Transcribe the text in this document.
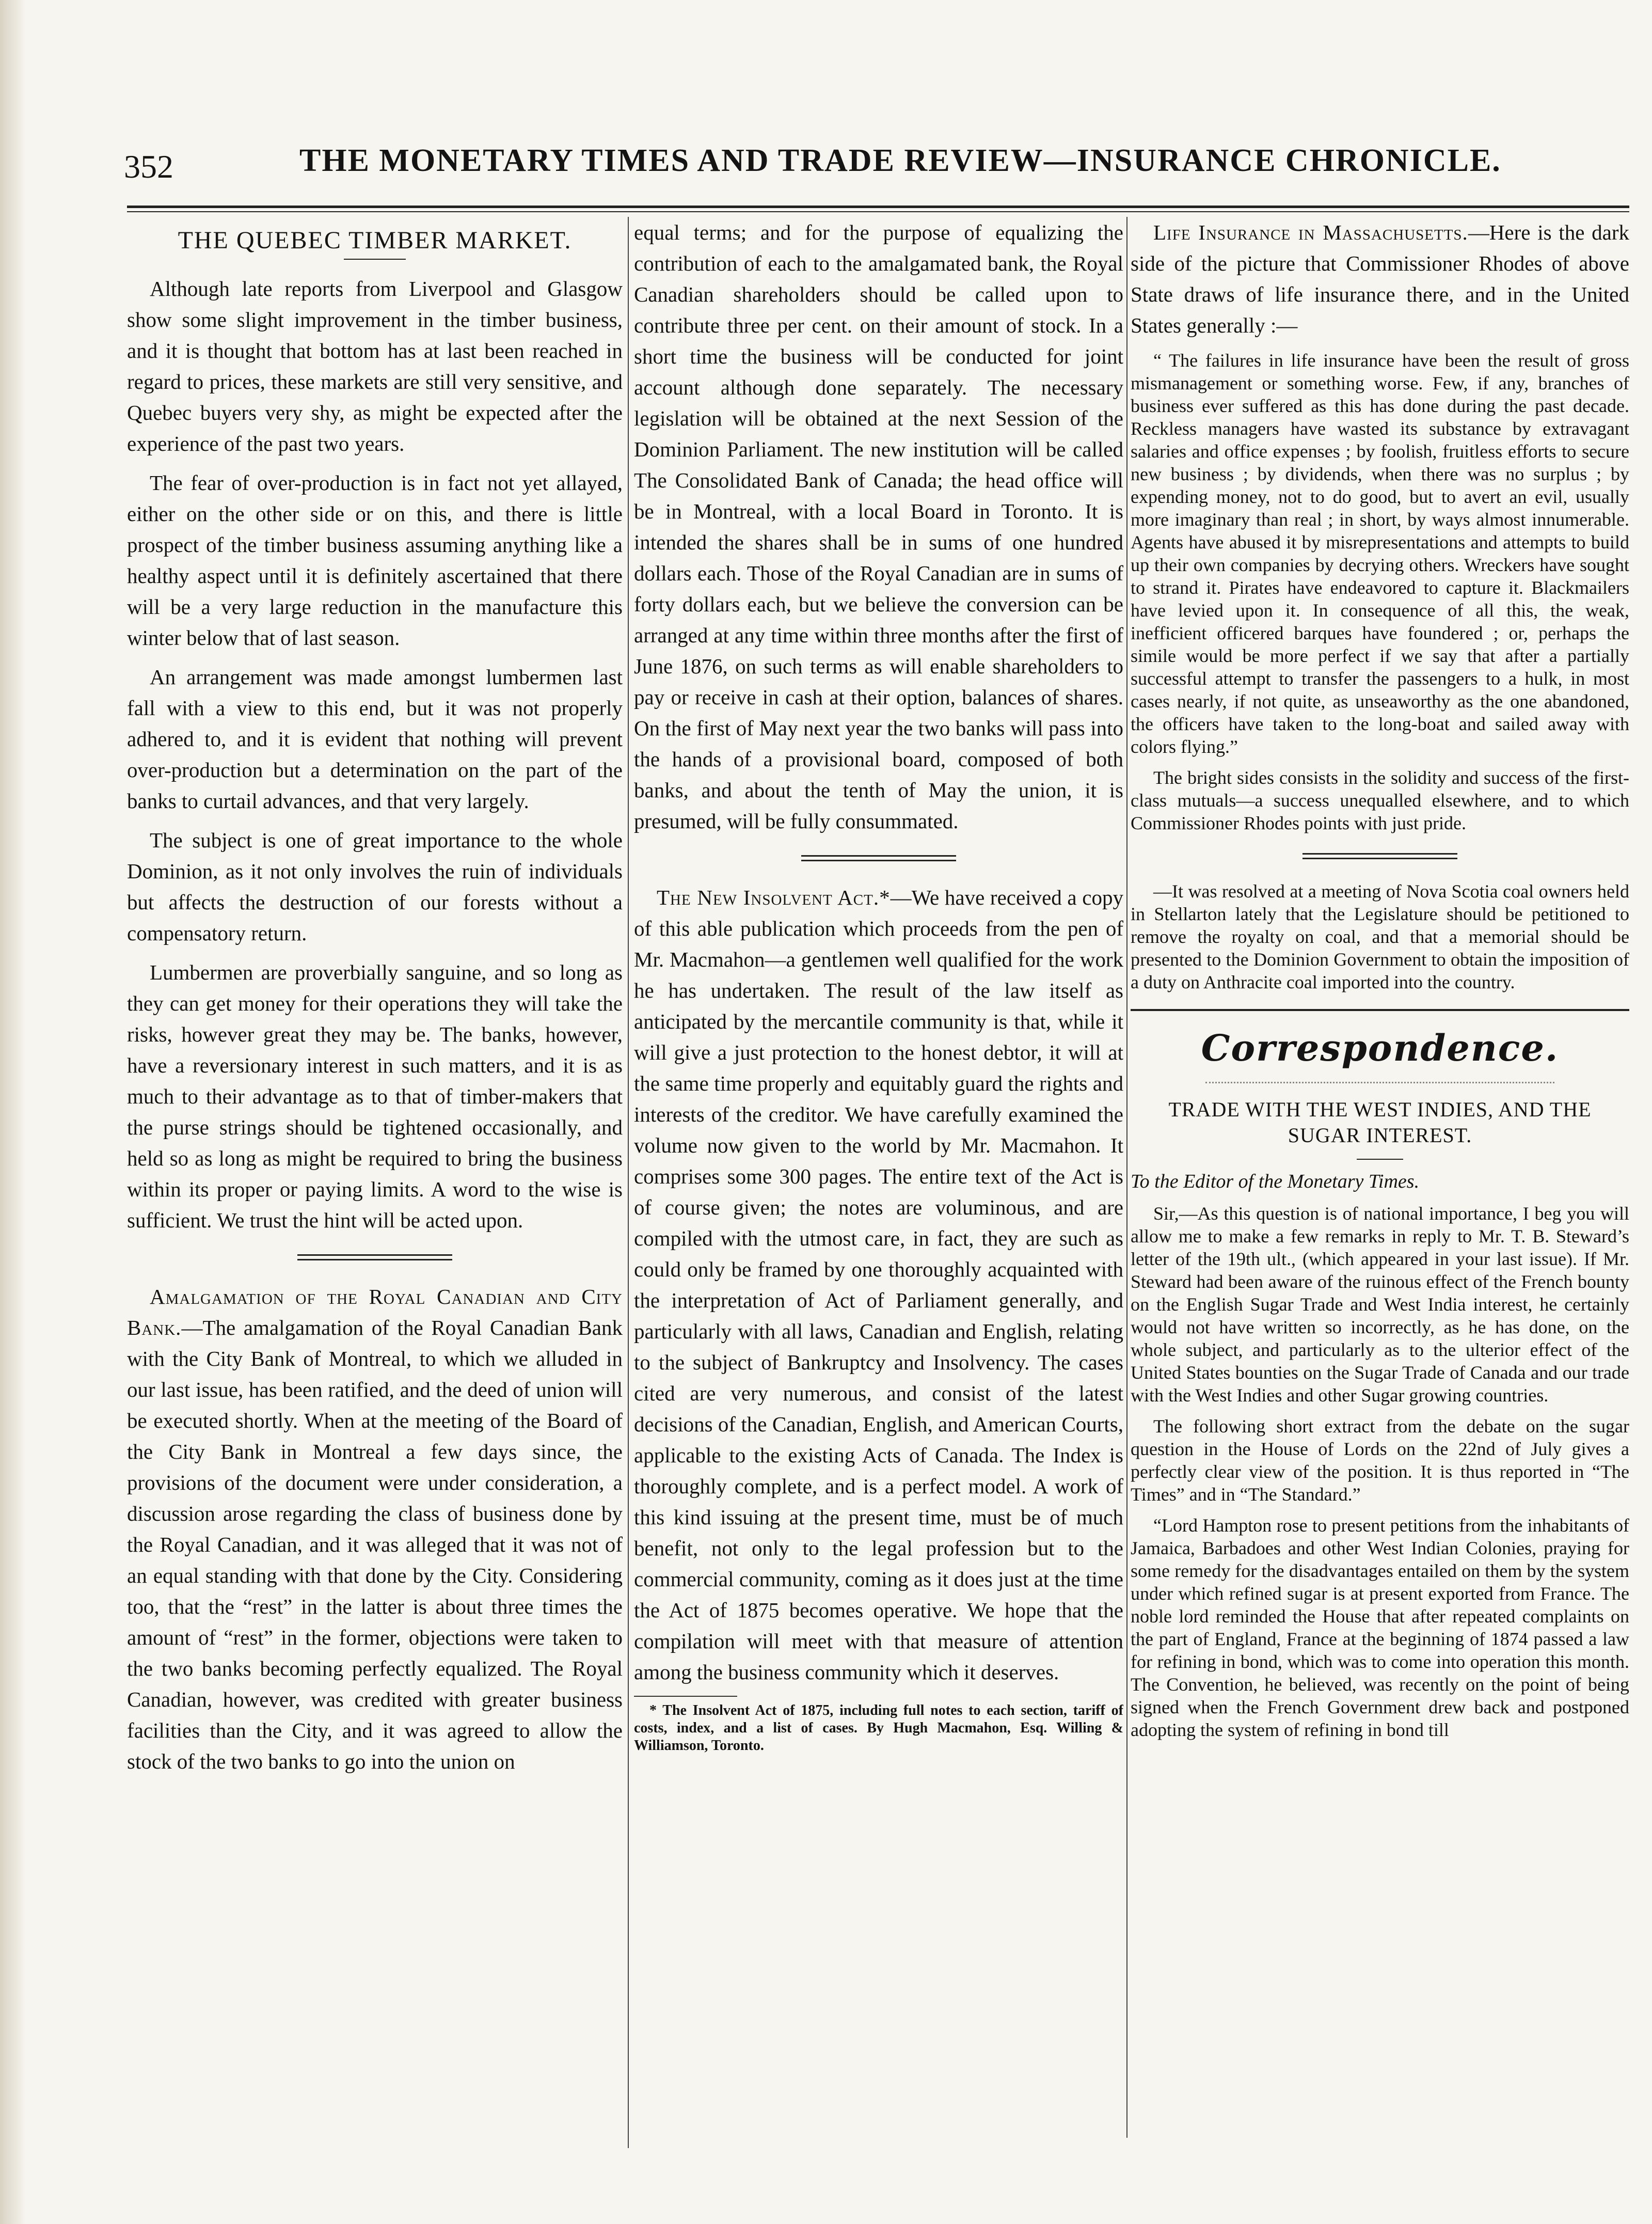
352	THE MONETARY TIMES AND TRADE REVIEW—INSURANCE CHRONICLE.
THE QUEBEC TIMBER MARKET.

Although late reports from Liverpool and Glasgow show some slight improvement in the timber business, and it is thought that bottom has at last been reached in regard to prices, these markets are still very sensitive, and Quebec buyers very shy, as might be expected after the experience of the past two years.

The fear of over-production is in fact not yet allayed, either on the other side or on this, and there is little prospect of the timber business assuming anything like a healthy aspect until it is definitely ascertained that there will be a very large reduction in the manufacture this winter below that of last season.

An arrangement was made amongst lumbermen last fall with a view to this end, but it was not properly adhered to, and it is evident that nothing will prevent over-production but a determination on the part of the banks to curtail advances, and that very largely.

The subject is one of great importance to the whole Dominion, as it not only involves the ruin of individuals but affects the destruction of our forests without a compensatory return.

Lumbermen are proverbially sanguine, and so long as they can get money for their operations they will take the risks, however great they may be. The banks, however, have a reversionary interest in such matters, and it is as much to their advantage as to that of timber-makers that the purse strings should be tightened occasionally, and held so as long as might be required to bring the business within its proper or paying limits. A word to the wise is sufficient. We trust the hint will be acted upon.

Amalgamation of the Royal Canadian and City Bank.—The amalgamation of the Royal Canadian Bank with the City Bank of Montreal, to which we alluded in our last issue, has been ratified, and the deed of union will be executed shortly. When at the meeting of the Board of the City Bank in Montreal a few days since, the provisions of the document were under consideration, a discussion arose regarding the class of business done by the Royal Canadian, and it was alleged that it was not of an equal standing with that done by the City. Considering too, that the “rest” in the latter is about three times the amount of “rest” in the former, objections were taken to the two banks becoming perfectly equalized. The Royal Canadian, however, was credited with greater business facilities than the City, and it was agreed to allow the stock of the two banks to go into the union on

equal terms; and for the purpose of equalizing the contribution of each to the amalgamated bank, the Royal Canadian shareholders should be called upon to contribute three per cent. on their amount of stock. In a short time the business will be conducted for joint account although done separately. The necessary legislation will be obtained at the next Session of the Dominion Parliament. The new institution will be called The Consolidated Bank of Canada; the head office will be in Montreal, with a local Board in Toronto. It is intended the shares shall be in sums of one hundred dollars each. Those of the Royal Canadian are in sums of forty dollars each, but we believe the conversion can be arranged at any time within three months after the first of June 1876, on such terms as will enable shareholders to pay or receive in cash at their option, balances of shares. On the first of May next year the two banks will pass into the hands of a provisional board, composed of both banks, and about the tenth of May the union, it is presumed, will be fully consummated.

The New Insolvent Act.*—We have received a copy of this able publication which proceeds from the pen of Mr. Macmahon—a gentlemen well qualified for the work he has undertaken. The result of the law itself as anticipated by the mercantile community is that, while it will give a just protection to the honest debtor, it will at the same time properly and equitably guard the rights and interests of the creditor. We have carefully examined the volume now given to the world by Mr. Macmahon. It comprises some 300 pages. The entire text of the Act is of course given; the notes are voluminous, and are compiled with the utmost care, in fact, they are such as could only be framed by one thoroughly acquainted with the interpretation of Act of Parliament generally, and particularly with all laws, Canadian and English, relating to the subject of Bankruptcy and Insolvency. The cases cited are very numerous, and consist of the latest decisions of the Canadian, English, and American Courts, applicable to the existing Acts of Canada. The Index is thoroughly complete, and is a perfect model. A work of this kind issuing at the present time, must be of much benefit, not only to the legal profession but to the commercial community, coming as it does just at the time the Act of 1875 becomes operative. We hope that the compilation will meet with that measure of attention among the business community which it deserves.

* The Insolvent Act of 1875, including full notes to each section, tariff of costs, index, and a list of cases. By Hugh Macmahon, Esq. Willing & Williamson, Toronto.

Life Insurance in Massachusetts.—Here is the dark side of the picture that Commissioner Rhodes of above State draws of life insurance there, and in the United States generally :—

“ The failures in life insurance have been the result of gross mismanagement or something worse. Few, if any, branches of business ever suffered as this has done during the past decade. Reckless managers have wasted its substance by extravagant salaries and office expenses ; by foolish, fruitless efforts to secure new business ; by dividends, when there was no surplus ; by expending money, not to do good, but to avert an evil, usually more imaginary than real ; in short, by ways almost innumerable. Agents have abused it by misrepresentations and attempts to build up their own companies by decrying others. Wreckers have sought to strand it. Pirates have endeavored to capture it. Blackmailers have levied upon it. In consequence of all this, the weak, inefficient officered barques have foundered ; or, perhaps the simile would be more perfect if we say that after a partially successful attempt to transfer the passengers to a hulk, in most cases nearly, if not quite, as unseaworthy as the one abandoned, the officers have taken to the long-boat and sailed away with colors flying.”

The bright sides consists in the solidity and success of the first-class mutuals—a success unequalled elsewhere, and to which Commissioner Rhodes points with just pride.

—It was resolved at a meeting of Nova Scotia coal owners held in Stellarton lately that the Legislature should be petitioned to remove the royalty on coal, and that a memorial should be presented to the Dominion Government to obtain the imposition of a duty on Anthracite coal imported into the country.

Correspondence.
TRADE WITH THE WEST INDIES, AND THE SUGAR INTEREST.
To the Editor of the Monetary Times.

Sir,—As this question is of national importance, I beg you will allow me to make a few remarks in reply to Mr. T. B. Steward’s letter of the 19th ult., (which appeared in your last issue). If Mr. Steward had been aware of the ruinous effect of the French bounty on the English Sugar Trade and West India interest, he certainly would not have written so incorrectly, as he has done, on the whole subject, and particularly as to the ulterior effect of the United States bounties on the Sugar Trade of Canada and our trade with the West Indies and other Sugar growing countries.

The following short extract from the debate on the sugar question in the House of Lords on the 22nd of July gives a perfectly clear view of the position. It is thus reported in “The Times” and in “The Standard.”

“Lord Hampton rose to present petitions from the inhabitants of Jamaica, Barbadoes and other West Indian Colonies, praying for some remedy for the disadvantages entailed on them by the system under which refined sugar is at present exported from France. The noble lord reminded the House that after repeated complaints on the part of England, France at the beginning of 1874 passed a law for refining in bond, which was to come into operation this month. The Convention, he believed, was recently on the point of being signed when the French Government drew back and postponed adopting the system of refining in bond till
